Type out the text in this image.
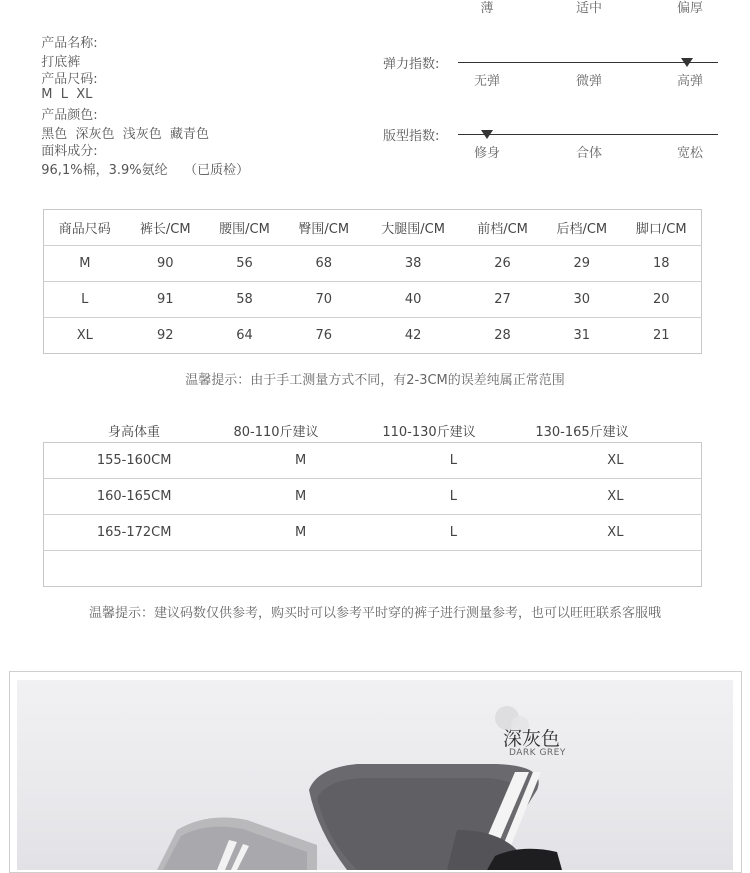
产品名称:
打底裤

产品尺码:
M  L  XL

产品颜色:
黑色  深灰色  浅灰色  藏青色

面料成分:
96,1%棉，3.9%氨纶    （已质检）

薄	适中	偏厚
弹力指数:
无弹	微弹	高弹
版型指数:
修身	合体	宽松
商品尺码	裤长/CM	腰围/CM	臀围/CM	大腿围/CM	前档/CM	后档/CM	脚口/CM
M	90	56	68	38	26	29	18
L	91	58	70	40	27	30	20
XL	92	64	76	42	28	31	21
温馨提示：由于手工测量方式不同，有2-3CM的误差纯属正常范围
身高体重	80-110斤建议	110-130斤建议	130-165斤建议
155-160CM	M	L	XL
160-165CM	M	L	XL
165-172CM	M	L	XL

温馨提示：建议码数仅供参考，购买时可以参考平时穿的裤子进行测量参考，也可以旺旺联系客服哦
深灰色
DARK GREY
